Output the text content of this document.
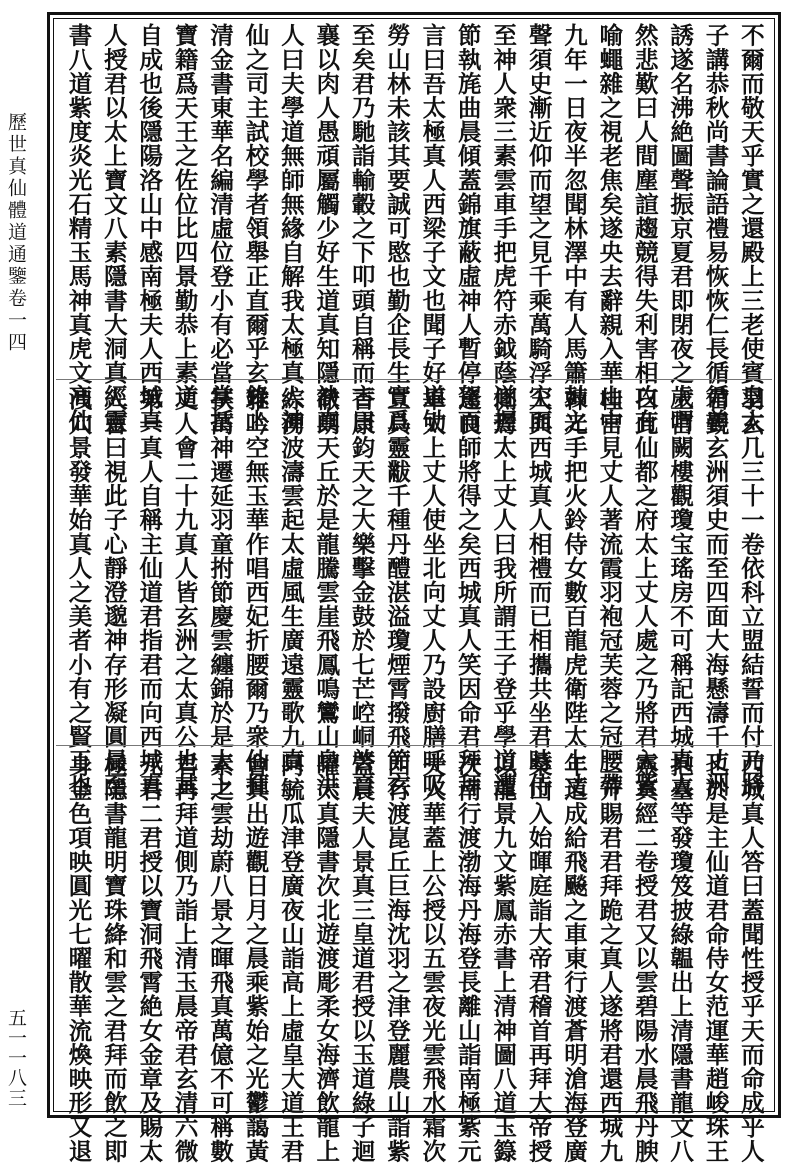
歷世真仙體道通鑒卷一四
五一一八三
不爾而敬天乎實之還殿上三老使賓皇太
子講恭秋尚書論語禮易恢恢仁長循循善
誘遂名沸絶圖聲振京夏君即閉夜之歲喟
然悲歎曰人間塵諠趨競得失利害相攻有
喻蠅雜之視老焦矣遂央去辭親入華山中
九年一日夜半忽聞林澤中有人馬簫鼓之
聲須史漸近仰而望之見千乘萬騎浮空而
至神人衆三素雲車手把虎符赤鉞蔭遂握
節執旄曲晨傾蓋錦旗蔽虛神人暫停駕而
言曰吾太極真人西梁子文也聞子好道劬
勞山林未該其要誠可愍也勤企長生實爲
至矣君乃馳詣輸轂之下叩頭自稱而言曰
襄以肉人愚頑屬觸少好生道真知隱訣真
人曰夫學道無師無緣自解我太極真人神
仙之司主試校學者領舉正直爾乎玄錄上
清金書東華名編清虛位登小有必當掌括
寶籍爲天王之佐位比四景勤恭上素道
自成也後隱陽洛山中感南極夫人西城真
人授君以太上寶文八素隱書大洞真經靈
書八道紫度炎光石精玉馬神真虎文高仙
羽玄几三十一卷依科立盟結誓而付乃將
君覲玄洲須史而至四面大海懸濤千丈洲
上宫闕樓觀瓊宝瑤房不可稱記西城真人
曰此仙都之府太上丈人處之乃將君入紫
桂宫見丈人著流霞羽袍冠芙蓉之冠腰帶
神光手把火鈴侍女數百龍虎衛陛太上丈
人與西城真人相禮而已相攜共坐君時侍
側焉太上丈人曰我所謂王子登乎學道遭
逢良師將得之矣西城真人笑因命君拜拜
畢太上丈人使坐北向丈人乃設廚膳呼吸
立具靈黻千種丹醴湛溢瓊煙霄撥飛節玄
香康鈞天之大樂擊金鼓於七芒崆峒啓音
徹朗天丘於是龍騰雲崖飛鳳鳴鸞山阜洪
綜湧波濤雲起太虛風生廣遠靈歌九真
雅吟空無玉華作唱西妃折腰爾乃衆仙揮
扶萬神遷延羽童拊節慶雲纏錦於是太上
丈人會二十九真人皆玄洲之太真公也其
第一真人自稱主仙道君指君而向西城真
人言曰視此子心靜澄邈神存形凝圓晨至
洩穴景發華始真人之美者小有之賢王也
西城真人答曰蓋聞性授乎天而命成乎人
也於是主仙道君命侍女范運華趙峻珠王
抱臺等發瓊笈披綠韞出上清隱書龍文八
靈真經二卷授君又以雲碧陽水晨飛丹腴
二升賜君君拜跪之真人遂將君還西城九
年道成給飛飈之車東行渡蒼明滄海登廣
桑山入始暉庭詣大帝君稽首再拜大帝授
以龍景九文紫鳳赤書上清神圖八道玉籙
次南行渡渤海丹海登長離山詣南極紫元
夫人華蓋上公授以五雲夜光雲飛水霜次
西行渡崑丘巨海沈羽之津登麗農山詣紫
蓋晨夫人景真三皇道君授以玉道綠子迴
曜太真隱書次北遊渡彫柔女海濟飲龍上
阿毓瓜津登廣夜山詣高上虛皇大道王君
會其出遊觀日月之晨乘紫始之光鬱藹黃
素之雲劫蔚八景之暉飛真萬億不可稱數
君再拜道側乃詣上清玉晨帝君玄清六微
元君二君授以寶洞飛霄絶女金章及賜太
極隱書龍明寶珠絳和雲之君拜而飲之即
身金色項映圓光七曜散華流煥映形又退
